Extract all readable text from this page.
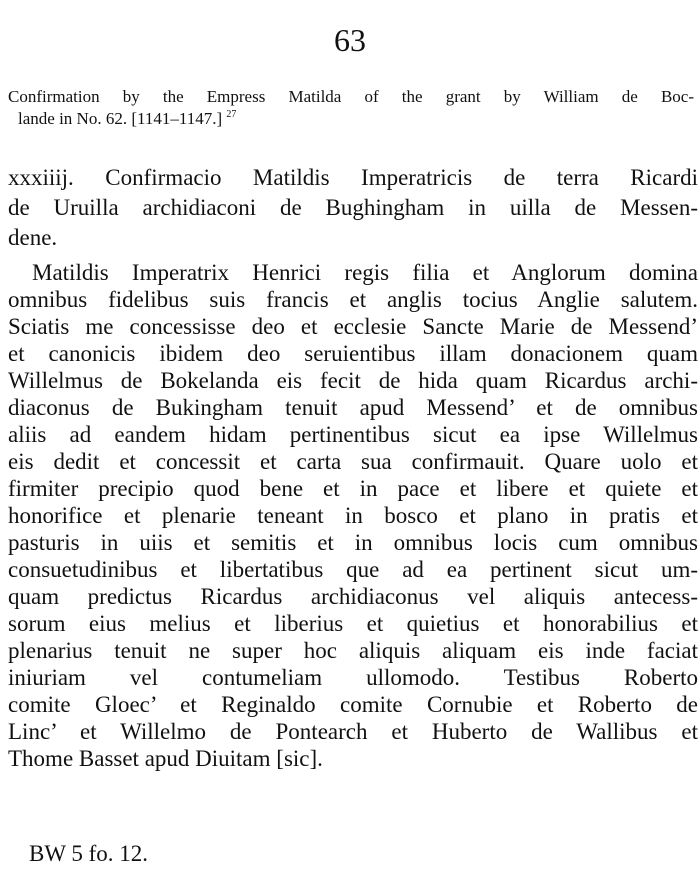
63
Confirmation by the Empress Matilda of the grant by William de Boc-
lande in No. 62. [1141–1147.] $^{27}$
xxxiiij. Confirmacio Matildis Imperatricis de terra Ricardi
de Uruilla archidiaconi de Bughingham in uilla de Messen-
dene.
Matildis Imperatrix Henrici regis filia et Anglorum domina
omnibus fidelibus suis francis et anglis tocius Anglie salutem.
Sciatis me concessisse deo et ecclesie Sancte Marie de Messend’
et canonicis ibidem deo seruientibus illam donacionem quam
Willelmus de Bokelanda eis fecit de hida quam Ricardus archi-
diaconus de Bukingham tenuit apud Messend’ et de omnibus
aliis ad eandem hidam pertinentibus sicut ea ipse Willelmus
eis dedit et concessit et carta sua confirmauit. Quare uolo et
firmiter precipio quod bene et in pace et libere et quiete et
honorifice et plenarie teneant in bosco et plano in pratis et
pasturis in uiis et semitis et in omnibus locis cum omnibus
consuetudinibus et libertatibus que ad ea pertinent sicut um-
quam predictus Ricardus archidiaconus vel aliquis antecess-
sorum eius melius et liberius et quietius et honorabilius et
plenarius tenuit ne super hoc aliquis aliquam eis inde faciat
iniuriam vel contumeliam ullomodo. Testibus Roberto
comite Gloec’ et Reginaldo comite Cornubie et Roberto de
Linc’ et Willelmo de Pontearch et Huberto de Wallibus et
Thome Basset apud Diuitam [sic].
BW 5 fo. 12.
